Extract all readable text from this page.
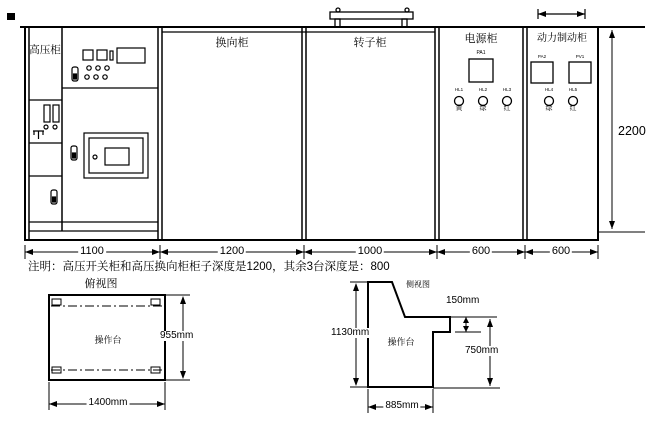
高压柜
换向柜	转子柜	电源柜	动力制动柜
PA1
PA2	PV1
HL1	HL2	HL3	HL4	HL5
黄 绿 红	绿 红
2200
1100	1200	1000	600	600
注明：高压开关柜和高压换向柜柜子深度是1200，其余3台深度是：800
俯视图
操作台	955mm
1400mm
侧视图
操作台
1130mm
150mm
750mm
885mm
